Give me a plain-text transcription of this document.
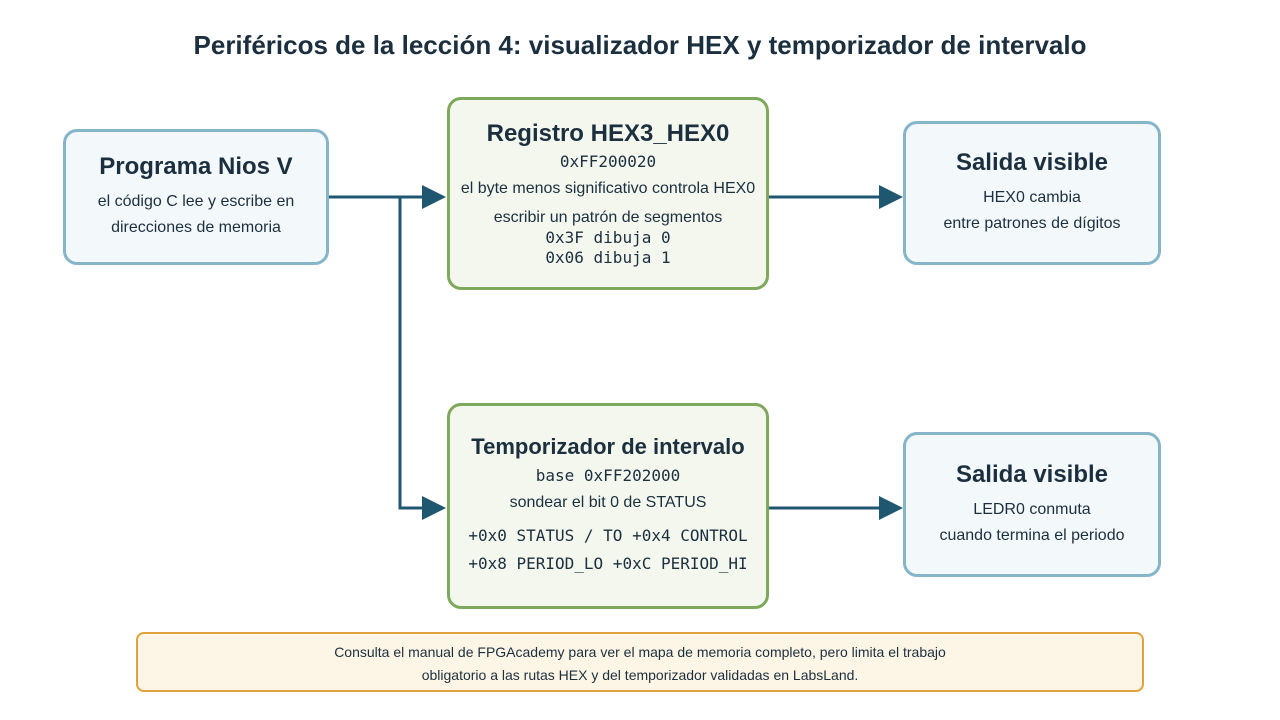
Periféricos de la lección 4: visualizador HEX y temporizador de intervalo
Programa Nios V
el código C lee y escribe en
direcciones de memoria
Registro HEX3_HEX0
0xFF200020
el byte menos significativo controla HEX0
escribir un patrón de segmentos
0x3F dibuja 0
0x06 dibuja 1
Salida visible
HEX0 cambia
entre patrones de dígitos
Temporizador de intervalo
base 0xFF202000
sondear el bit 0 de STATUS
+0x0 STATUS / TO +0x4 CONTROL
+0x8 PERIOD_LO +0xC PERIOD_HI
Salida visible
LEDR0 conmuta
cuando termina el periodo
Consulta el manual de FPGAcademy para ver el mapa de memoria completo, pero limita el trabajo
obligatorio a las rutas HEX y del temporizador validadas en LabsLand.
